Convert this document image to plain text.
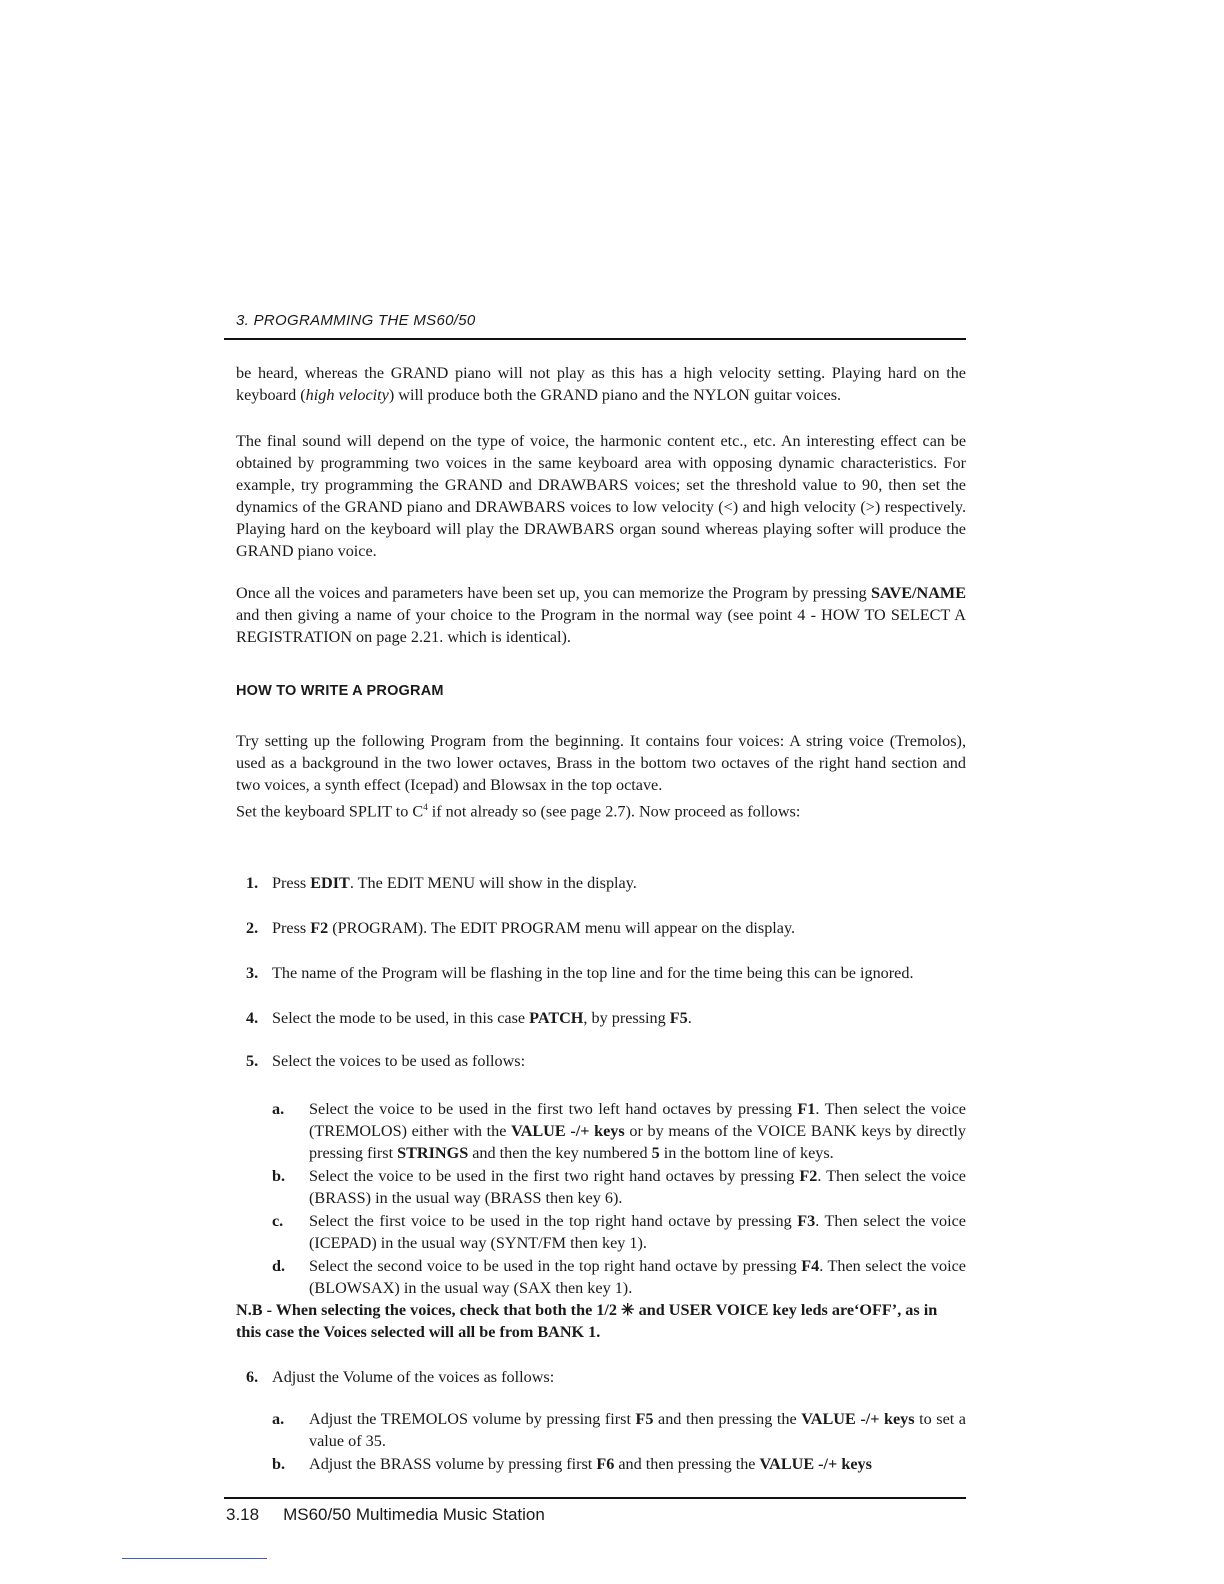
3. PROGRAMMING THE MS60/50

be heard, whereas the GRAND piano will not play as this has a high velocity setting. Playing hard on the keyboard (high velocity) will produce both the GRAND piano and the NYLON guitar voices.

The final sound will depend on the type of voice, the harmonic content etc., etc. An interesting effect can be obtained by programming two voices in the same keyboard area with opposing dynamic characteristics. For example, try programming the GRAND and DRAWBARS voices; set the threshold value to 90, then set the dynamics of the GRAND piano and DRAWBARS voices to low velocity (<) and high velocity (>) respectively. Playing hard on the keyboard will play the DRAWBARS organ sound whereas playing softer will produce the GRAND piano voice.

Once all the voices and parameters have been set up, you can memorize the Program by pressing SAVE/NAME and then giving a name of your choice to the Program in the normal way (see point 4 - HOW TO SELECT A REGISTRATION on page 2.21. which is identical).

HOW TO WRITE A PROGRAM

Try setting up the following Program from the beginning. It contains four voices: A string voice (Tremolos), used as a background in the two lower octaves, Brass in the bottom two octaves of the right hand section and two voices, a synth effect (Icepad) and Blowsax in the top octave.
Set the keyboard SPLIT to $C^4$ if not already so (see page 2.7). Now proceed as follows:

1. Press EDIT. The EDIT MENU will show in the display.
2. Press F2 (PROGRAM). The EDIT PROGRAM menu will appear on the display.
3. The name of the Program will be flashing in the top line and for the time being this can be ignored.
4. Select the mode to be used, in this case PATCH, by pressing F5.
5. Select the voices to be used as follows:
a. Select the voice to be used in the first two left hand octaves by pressing F1. Then select the voice (TREMOLOS) either with the VALUE -/+ keys or by means of the VOICE BANK keys by directly pressing first STRINGS and then the key numbered 5 in the bottom line of keys.
b. Select the voice to be used in the first two right hand octaves by pressing F2. Then select the voice (BRASS) in the usual way (BRASS then key 6).
c. Select the first voice to be used in the top right hand octave by pressing F3. Then select the voice (ICEPAD) in the usual way (SYNT/FM then key 1).
d. Select the second voice to be used in the top right hand octave by pressing F4. Then select the voice (BLOWSAX) in the usual way (SAX then key 1).
N.B - When selecting the voices, check that both the 1/2 ✳ and USER VOICE key leds are‘OFF’, as in this case the Voices selected will all be from BANK 1.
6. Adjust the Volume of the voices as follows:
a. Adjust the TREMOLOS volume by pressing first F5 and then pressing the VALUE -/+ keys to set a value of 35.
b. Adjust the BRASS volume by pressing first F6 and then pressing the VALUE -/+ keys
3.18 MS60/50 Multimedia Music Station
